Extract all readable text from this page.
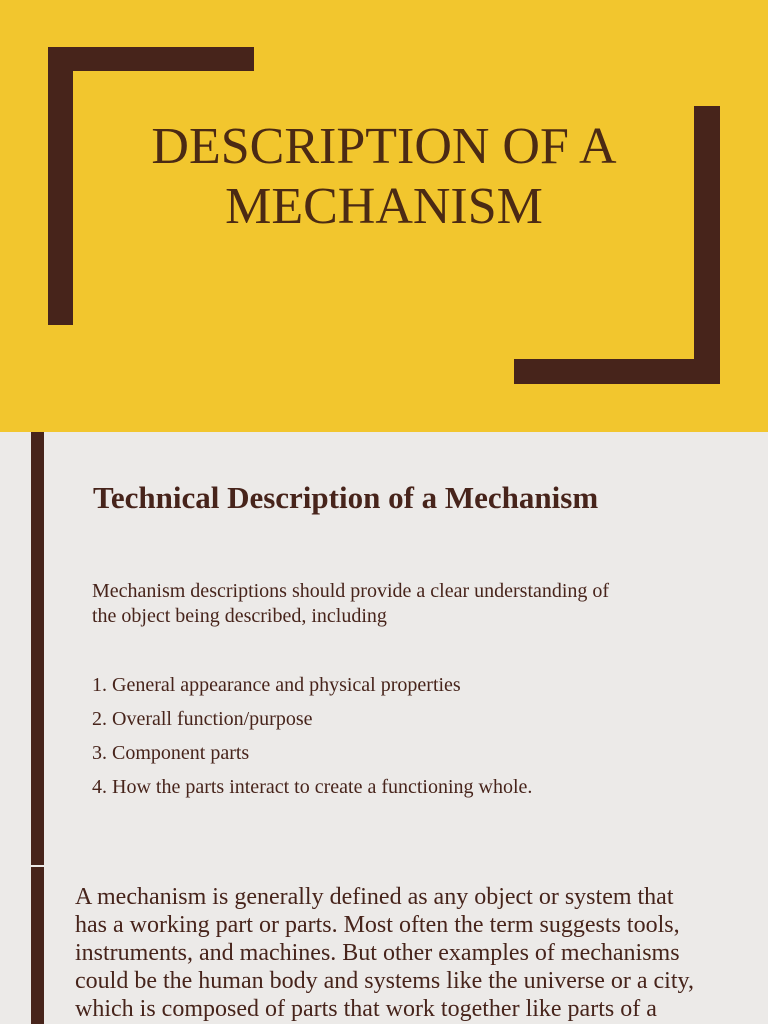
DESCRIPTION OF A
MECHANISM
Technical Description of a Mechanism

Mechanism descriptions should provide a clear understanding of
the object being described, including

1. General appearance and physical properties
2. Overall function/purpose
3. Component parts
4. How the parts interact to create a functioning whole.

A mechanism is generally defined as any object or system that
has a working part or parts. Most often the term suggests tools,
instruments, and machines. But other examples of mechanisms
could be the human body and systems like the universe or a city,
which is composed of parts that work together like parts of a
